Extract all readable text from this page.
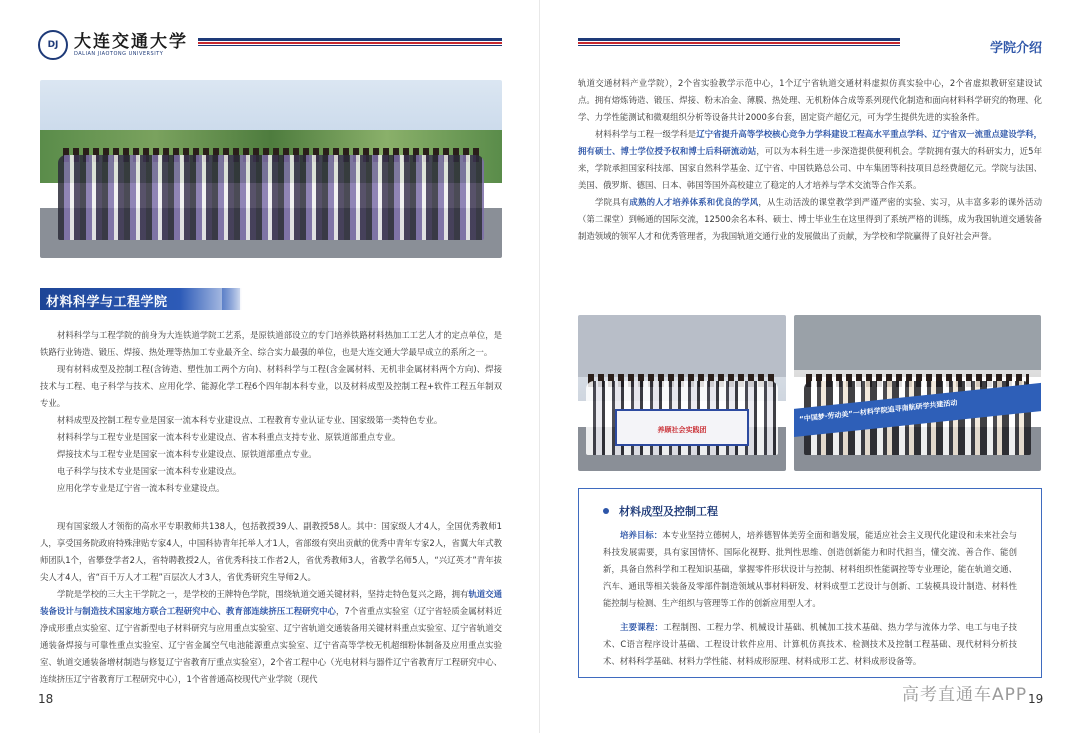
DJ 大连交通大学
DALIAN JIAOTONG UNIVERSITY
材料科学与工程学院

材料科学与工程学院的前身为大连铁道学院工艺系，是原铁道部设立的专门培养铁路材料热加工工艺人才的定点单位，是铁路行业铸造、锻压、焊接、热处理等热加工专业最齐全、综合实力最强的单位，也是大连交通大学最早成立的系所之一。

现有材料成型及控制工程(含铸造、塑性加工两个方向)、材料科学与工程(含金属材料、无机非金属材料两个方向)、焊接技术与工程、电子科学与技术、应用化学、能源化学工程6个四年制本科专业，以及材料成型及控制工程+软件工程五年制双专业。

材料成型及控制工程专业是国家一流本科专业建设点、工程教育专业认证专业、国家级第一类特色专业。

材料科学与工程专业是国家一流本科专业建设点、省本科重点支持专业、原铁道部重点专业。

焊接技术与工程专业是国家一流本科专业建设点、原铁道部重点专业。

电子科学与技术专业是国家一流本科专业建设点。

应用化学专业是辽宁省一流本科专业建设点。

现有国家级人才领衔的高水平专职教师共138人，包括教授39人、副教授58人。其中：国家级人才4人，全国优秀教师1人，享受国务院政府特殊津贴专家4人，中国科协青年托举人才1人，省部级有突出贡献的优秀中青年专家2人，省翼大年式教师团队1个，省攀登学者2人，省特聘教授2人，省优秀科技工作者2人，省优秀教师3人，省教学名师5人，“兴辽英才”青年拔尖人才4人，省“百千万人才工程”百层次人才3人，省优秀研究生导师2人。

学院是学校的三大主干学院之一，是学校的王牌特色学院，围绕轨道交通关键材料，坚持走特色复兴之路，拥有轨道交通装备设计与制造技术国家地方联合工程研究中心、教育部连续挤压工程研究中心，7个省重点实验室（辽宁省轻质金属材料近净成形重点实验室、辽宁省新型电子材料研究与应用重点实验室、辽宁省轨道交通装备用关键材料重点实验室、辽宁省轨道交通装备焊接与可靠性重点实验室、辽宁省金属空气电池能源重点实验室、辽宁省高等学校无机超细粉体制备及应用重点实验室、轨道交通装备增材制造与修复辽宁省教育厅重点实验室），2个省工程中心（光电材料与器件辽宁省教育厅工程研究中心、连续挤压辽宁省教育厅工程研究中心），1个省普通高校现代产业学院（现代

18
学院介绍

轨道交通材料产业学院），2个省实验教学示范中心，1个辽宁省轨道交通材料虚拟仿真实验中心，2个省虚拟教研室建设试点。拥有熔炼铸造、锻压、焊接、粉末冶金、薄膜、热处理、无机粉体合成等系列现代化制造和面向材料科学研究的物理、化学、力学性能测试和微观组织分析等设备共计2000多台套，固定资产超亿元，可为学生提供先进的实验条件。

材料科学与工程一级学科是辽宁省提升高等学校核心竞争力学科建设工程高水平重点学科、辽宁省双一流重点建设学科，拥有硕士、博士学位授予权和博士后科研流动站，可以为本科生进一步深造提供便利机会。学院拥有强大的科研实力，近5年来，学院承担国家科技部、国家自然科学基金、辽宁省、中国铁路总公司、中车集团等科技项目总经费超亿元。学院与法国、美国、俄罗斯、德国、日本、韩国等国外高校建立了稳定的人才培养与学术交流等合作关系。

学院具有成熟的人才培养体系和优良的学风，从生动活泼的课堂教学到严谨严密的实验、实习，从丰富多彩的课外活动（第二课堂）到畅通的国际交流，12500余名本科、硕士、博士毕业生在这里得到了系统严格的训练，成为我国轨道交通装备制造领域的领军人才和优秀管理者，为我国轨道交通行业的发展做出了贡献，为学校和学院赢得了良好社会声誉。

养顾社会实践团
“中国梦·劳动美”一材料学院追寻南航研学共建活动
材料成型及控制工程

培养目标：本专业坚持立德树人，培养德智体美劳全面和谐发展，能适应社会主义现代化建设和未来社会与科技发展需要，具有家国情怀、国际化视野、批判性思维、创造创新能力和时代担当，懂交流、善合作、能创新，具备自然科学和工程知识基础，掌握零件形状设计与控制、材料组织性能调控等专业理论，能在轨道交通、汽车、通讯等相关装备及零部件制造领域从事材料研发、材料成型工艺设计与创新、工装模具设计制造、材料性能控制与检测、生产组织与管理等工作的创新应用型人才。

主要课程：工程制图、工程力学、机械设计基础、机械加工技术基础、热力学与流体力学、电工与电子技术、C语言程序设计基础、工程设计软件应用、计算机仿真技术、检测技术及控制工程基础、现代材料分析技术、材料科学基础、材料力学性能、材料成形原理、材料成形工艺、材料成形设备等。

高考直通车APP 19
